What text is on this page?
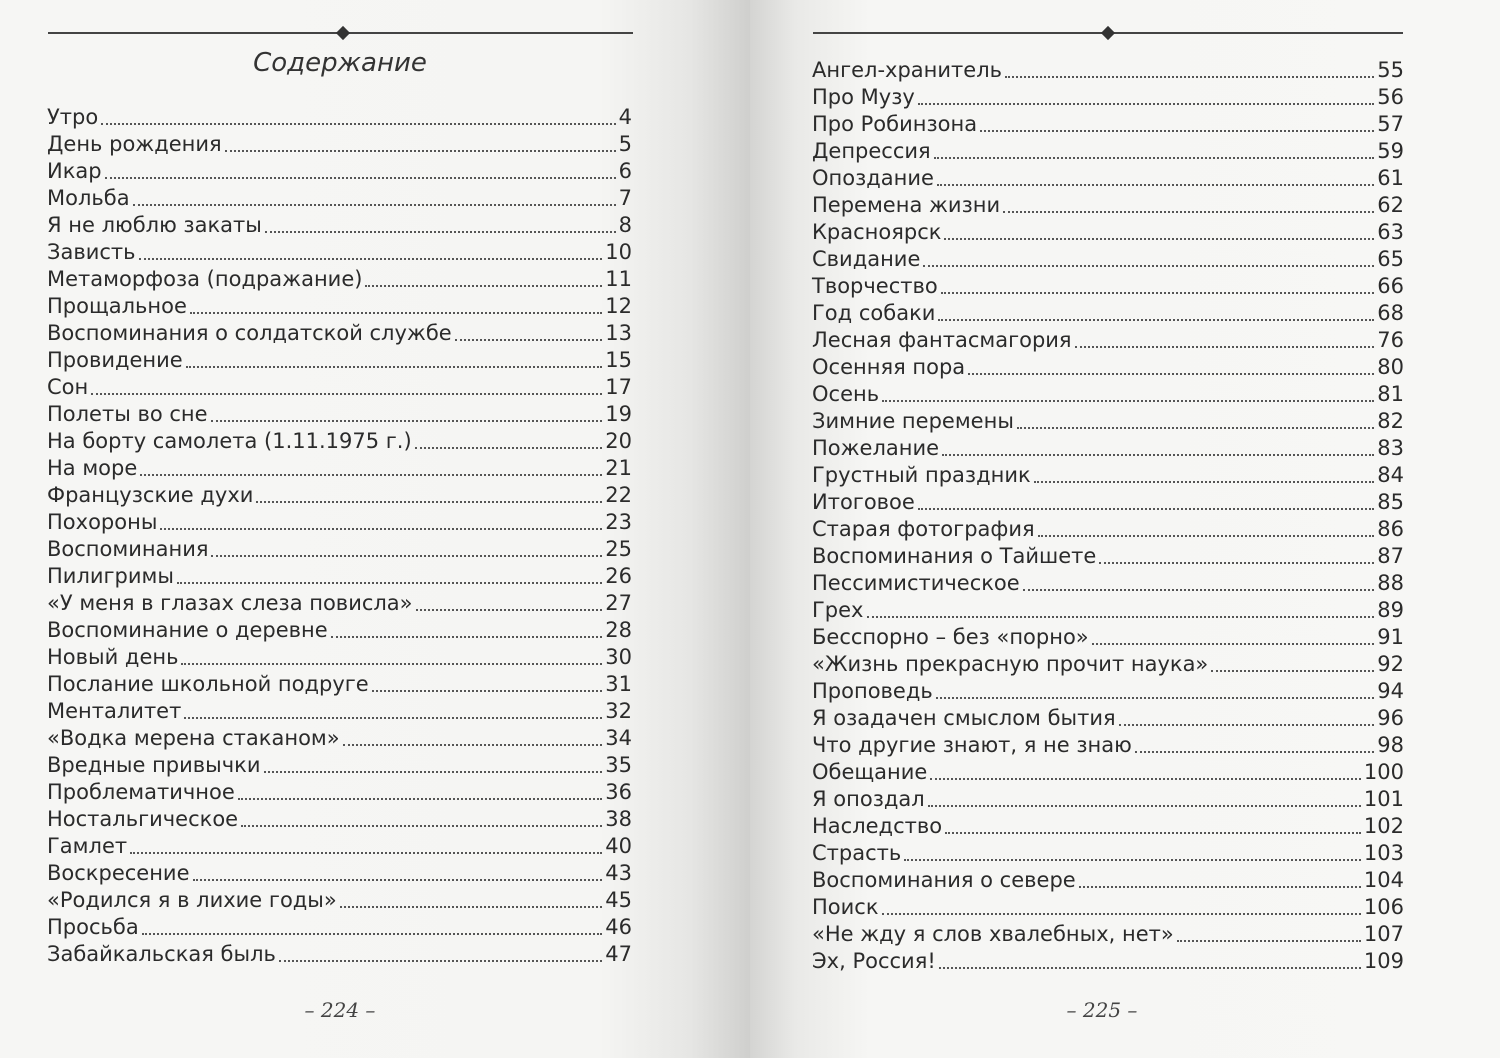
Содержание
Утро	4
День рождения	5
Икар	6
Мольба	7
Я не люблю закаты	8
Зависть	10
Метаморфоза (подражание)	11
Прощальное	12
Воспоминания о солдатской службе	13
Провидение	15
Сон	17
Полеты во сне	19
На борту самолета (1.11.1975 г.)	20
На море	21
Французские духи	22
Похороны	23
Воспоминания	25
Пилигримы	26
«У меня в глазах слеза повисла»	27
Воспоминание о деревне	28
Новый день	30
Послание школьной подруге	31
Менталитет	32
«Водка мерена стаканом»	34
Вредные привычки	35
Проблематичное	36
Ностальгическое	38
Гамлет	40
Воскресение	43
«Родился я в лихие годы»	45
Просьба	46
Забайкальская быль	47
– 224 –
Ангел-хранитель	55
Про Музу	56
Про Робинзона	57
Депрессия	59
Опоздание	61
Перемена жизни	62
Красноярск	63
Свидание	65
Творчество	66
Год собаки	68
Лесная фантасмагория	76
Осенняя пора	80
Осень	81
Зимние перемены	82
Пожелание	83
Грустный праздник	84
Итоговое	85
Старая фотография	86
Воспоминания о Тайшете	87
Пессимистическое	88
Грех	89
Бесспорно – без «порно»	91
«Жизнь прекрасную прочит наука»	92
Проповедь	94
Я озадачен смыслом бытия	96
Что другие знают, я не знаю	98
Обещание	100
Я опоздал	101
Наследство	102
Страсть	103
Воспоминания о севере	104
Поиск	106
«Не жду я слов хвалебных, нет»	107
Эх, Россия!	109
– 225 –
